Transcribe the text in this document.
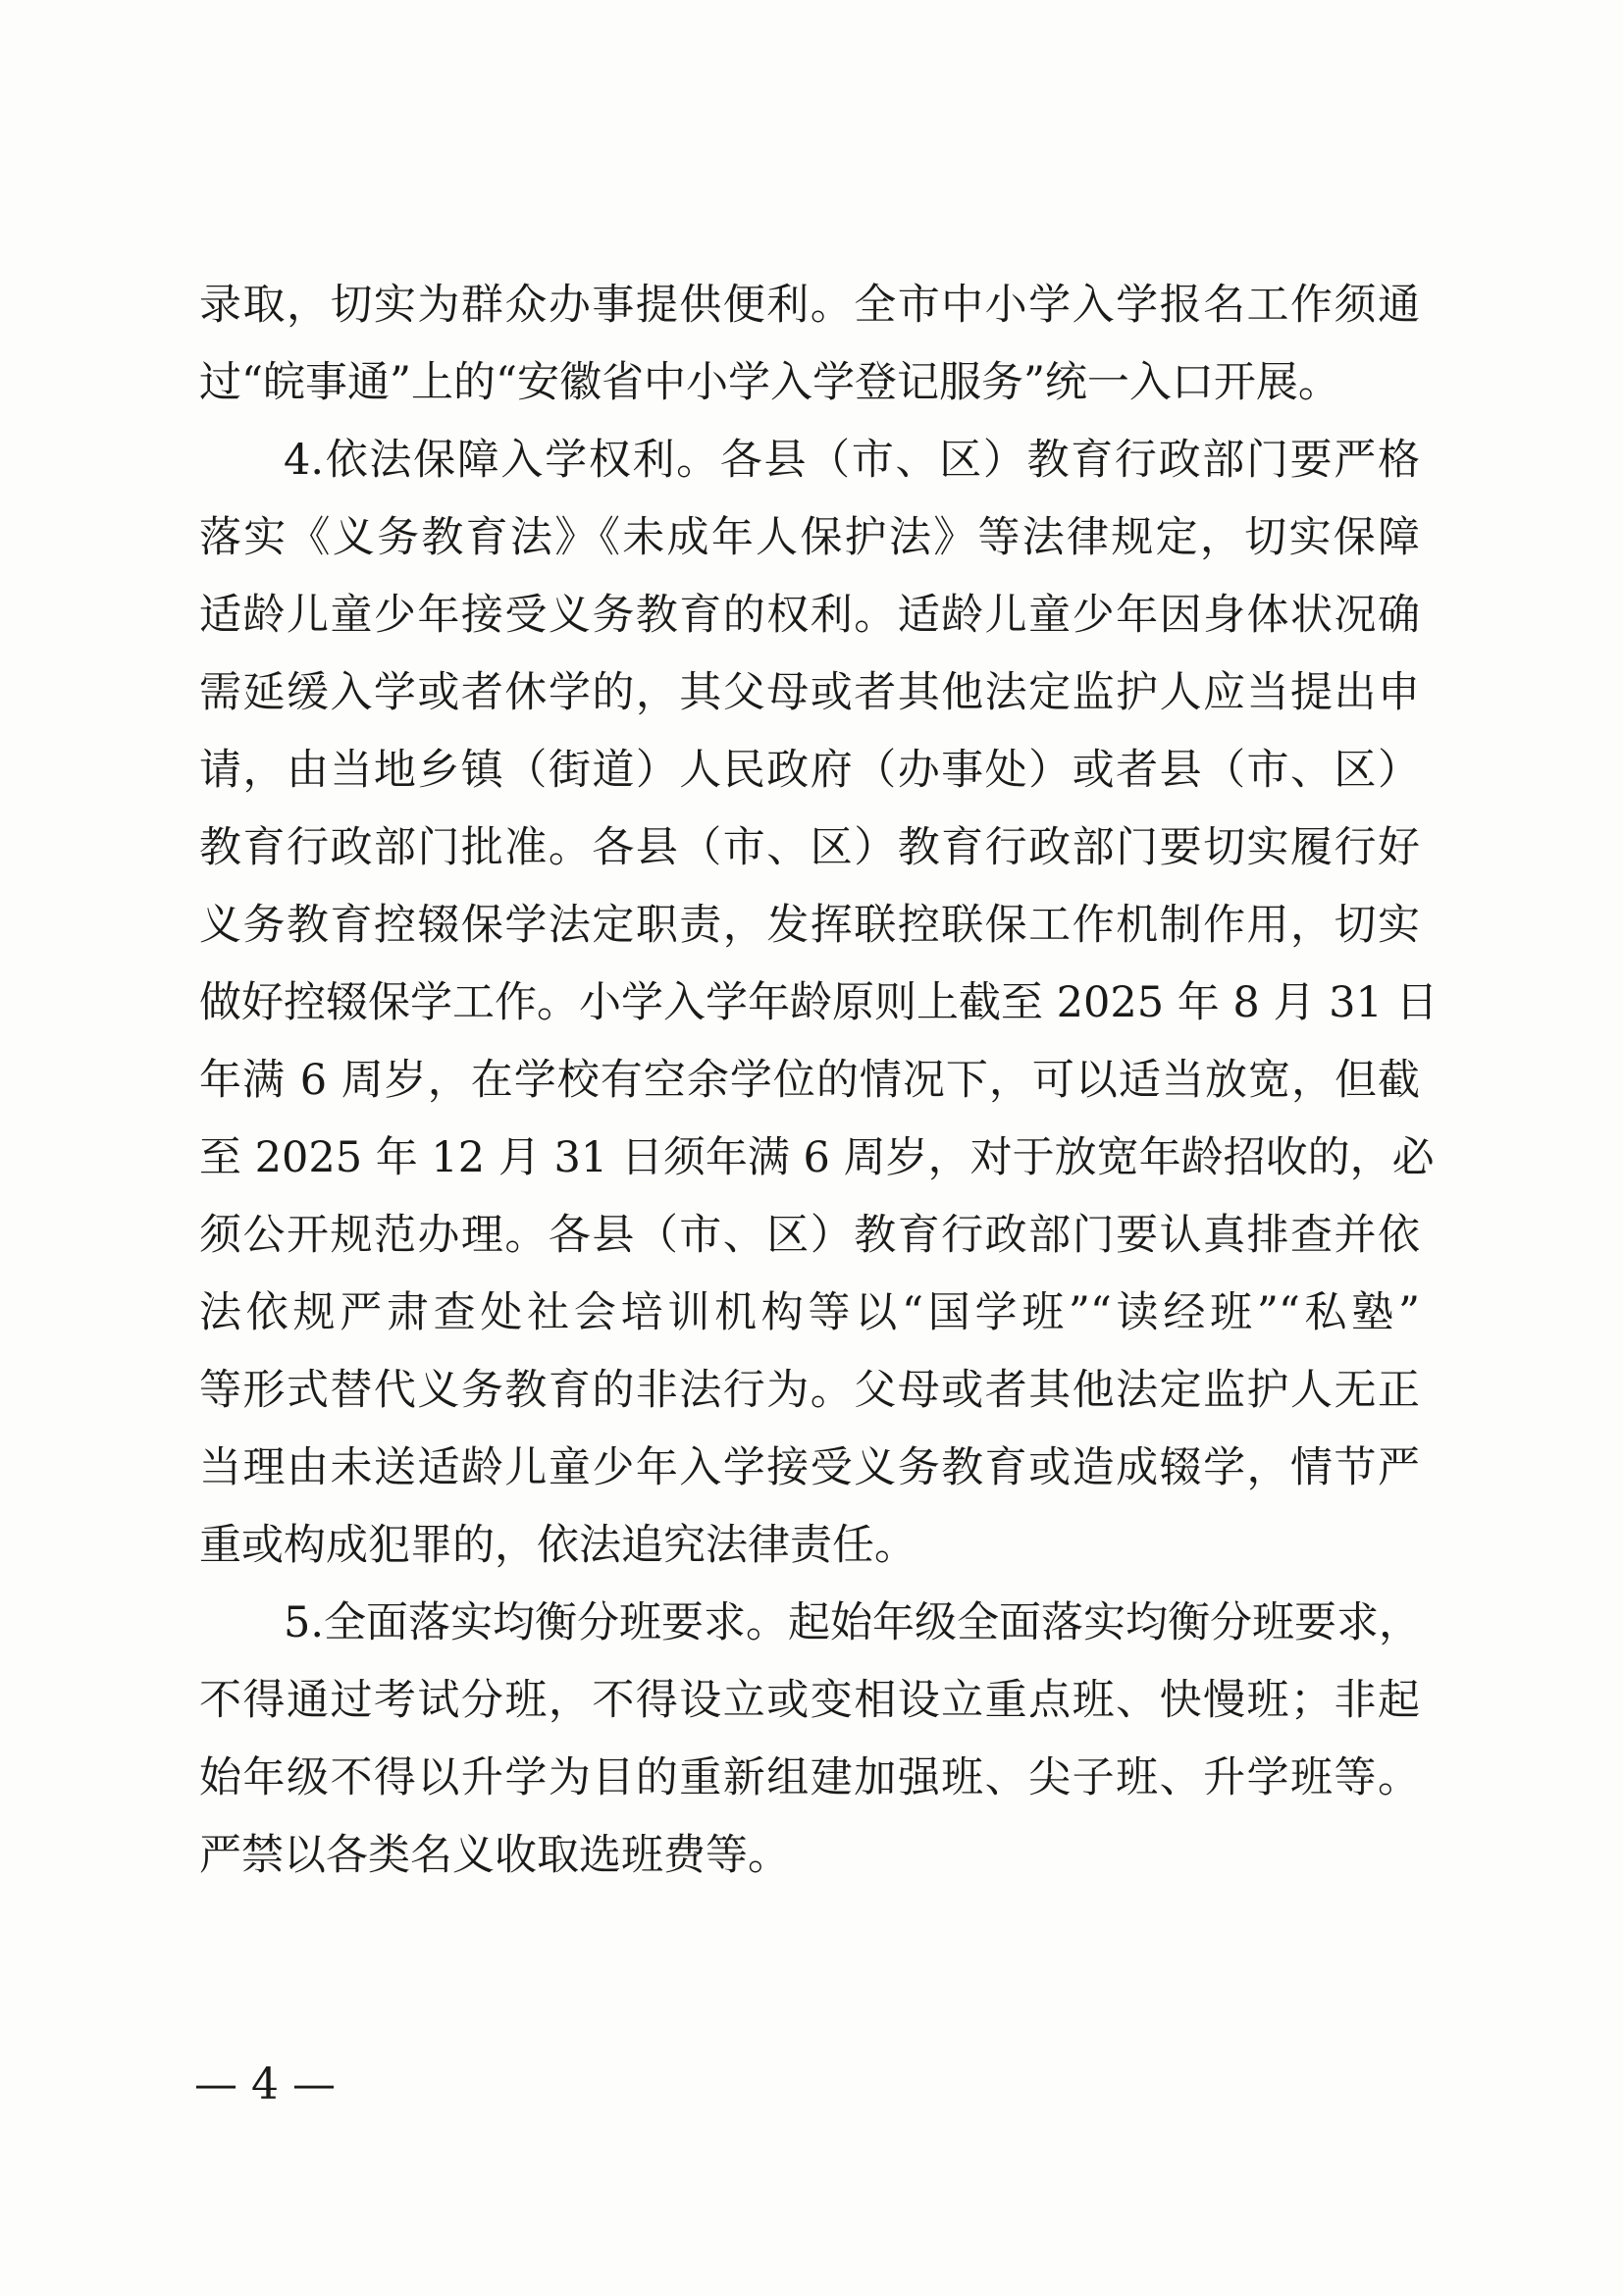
录取，切实为群众办事提供便利。全市中小学入学报名工作须通
过“皖事通”上的“安徽省中小学入学登记服务”统一入口开展。
4.依法保障入学权利。各县（市、区）教育行政部门要严格
落实《义务教育法》《未成年人保护法》等法律规定，切实保障
适龄儿童少年接受义务教育的权利。适龄儿童少年因身体状况确
需延缓入学或者休学的，其父母或者其他法定监护人应当提出申
请，由当地乡镇（街道）人民政府（办事处）或者县（市、区）
教育行政部门批准。各县（市、区）教育行政部门要切实履行好
义务教育控辍保学法定职责，发挥联控联保工作机制作用，切实
做好控辍保学工作。小学入学年龄原则上截至 2025 年 8 月 31 日
年满 6 周岁，在学校有空余学位的情况下，可以适当放宽，但截
至 2025 年 12 月 31 日须年满 6 周岁，对于放宽年龄招收的，必
须公开规范办理。各县（市、区）教育行政部门要认真排查并依
法依规严肃查处社会培训机构等以“国学班”“读经班”“私塾”
等形式替代义务教育的非法行为。父母或者其他法定监护人无正
当理由未送适龄儿童少年入学接受义务教育或造成辍学，情节严
重或构成犯罪的，依法追究法律责任。
5.全面落实均衡分班要求。起始年级全面落实均衡分班要求，
不得通过考试分班，不得设立或变相设立重点班、快慢班；非起
始年级不得以升学为目的重新组建加强班、尖子班、升学班等。
严禁以各类名义收取选班费等。
— 4 —
